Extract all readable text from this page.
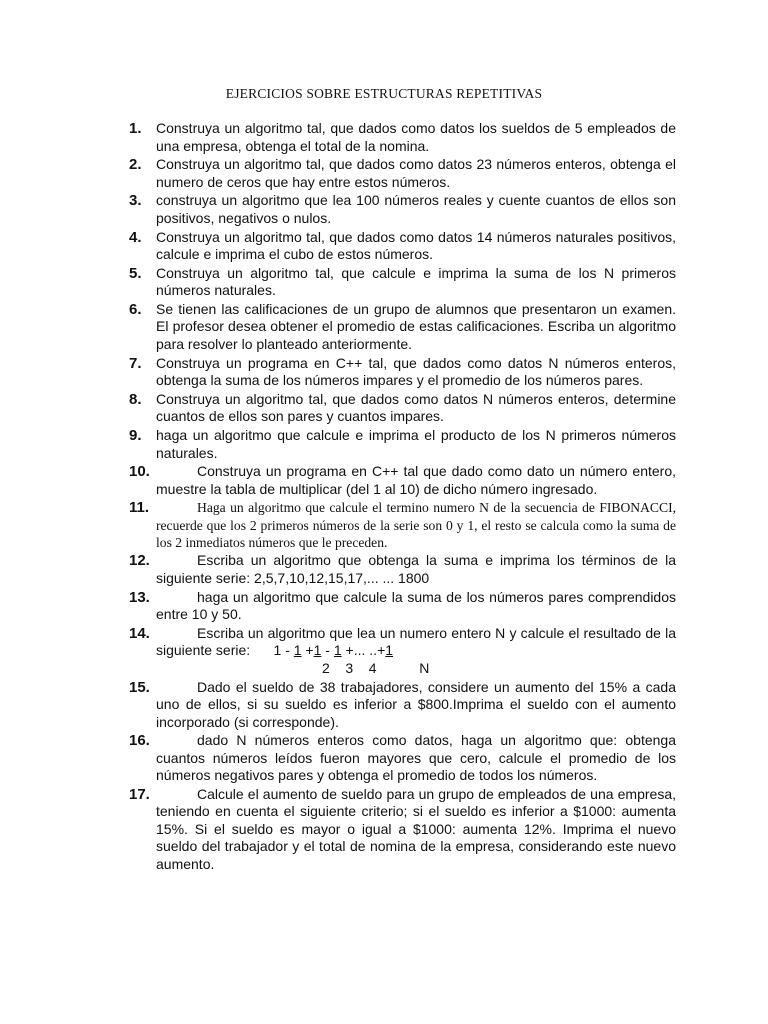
EJERCICIOS SOBRE ESTRUCTURAS REPETITIVAS
1. Construya un algoritmo tal, que dados como datos los sueldos de 5 empleados de una empresa, obtenga el total de la nomina.
2. Construya un algoritmo tal, que dados como datos 23 números enteros, obtenga el numero de ceros que hay entre estos números.
3. construya un algoritmo que lea 100 números reales y cuente cuantos de ellos son positivos, negativos o nulos.
4. Construya un algoritmo tal, que dados como datos 14 números naturales positivos, calcule e imprima el cubo de estos números.
5. Construya un algoritmo tal, que calcule e imprima la suma de los N primeros números naturales.
6. Se tienen las calificaciones de un grupo de alumnos que presentaron un examen. El profesor desea obtener el promedio de estas calificaciones. Escriba un algoritmo para resolver lo planteado anteriormente.
7. Construya un programa en C++ tal, que dados como datos N números enteros, obtenga la suma de los números impares y el promedio de los números pares.
8. Construya un algoritmo tal, que dados como datos N números enteros, determine cuantos de ellos son pares y cuantos impares.
9. haga un algoritmo que calcule e imprima el producto de los N primeros números naturales.
10.	Construya un programa en C++ tal que dado como dato un número entero, muestre la tabla de multiplicar (del 1 al 10) de dicho número ingresado.
11.	Haga un algoritmo que calcule el termino numero N de la secuencia de FIBONACCI, recuerde que los 2 primeros números de la serie son 0 y 1, el resto se calcula como la suma de los 2 inmediatos números que le preceden.
12.	Escriba un algoritmo que obtenga la suma e imprima los términos de la siguiente serie: 2,5,7,10,12,15,17,... ... 1800
13.	haga un algoritmo que calcule la suma de los números pares comprendidos entre 10 y 50.
14.	Escriba un algoritmo que lea un numero entero N y calcule el resultado de la siguiente serie: 1 - 1 +1 - 1 +... ..+1
2    3    4           N
15.	Dado el sueldo de 38 trabajadores, considere un aumento del 15% a cada uno de ellos, si su sueldo es inferior a $800.Imprima el sueldo con el aumento incorporado (si corresponde).
16.	dado N números enteros como datos, haga un algoritmo que: obtenga cuantos números leídos fueron mayores que cero, calcule el promedio de los números negativos pares y obtenga el promedio de todos los números.
17.	Calcule el aumento de sueldo para un grupo de empleados de una empresa, teniendo en cuenta el siguiente criterio; si el sueldo es inferior a $1000: aumenta 15%. Si el sueldo es mayor o igual a $1000: aumenta 12%. Imprima el nuevo sueldo del trabajador y el total de nomina de la empresa, considerando este nuevo aumento.
